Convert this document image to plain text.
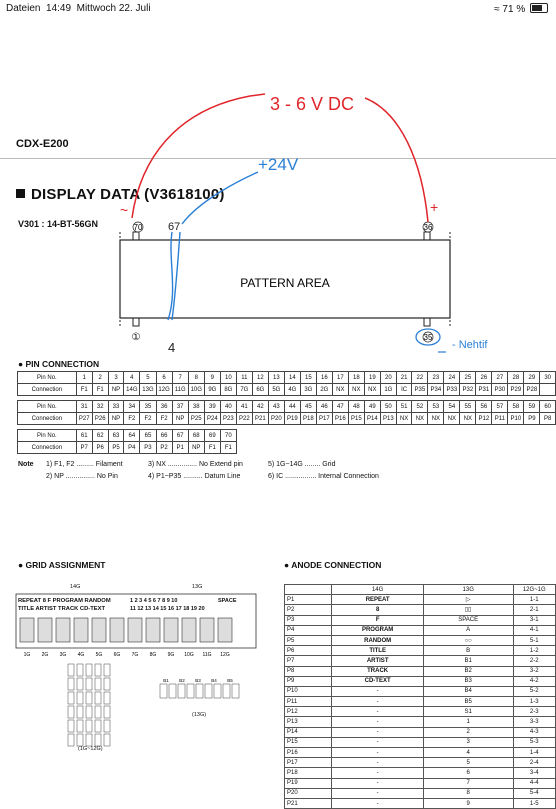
Dateien 14:49 Mittwoch 22. Juli	≈ 71 %
CDX-E200
DISPLAY DATA (V3618100)
V301 : 14-BT-56GN
PATTERN AREA
70	36
①	35
3 - 6 V DC
~	+
+24V
67
4	- Nehtif
● PIN CONNECTION
Pin No.	1	2	3	4	5	6	7	8	9	10	11	12	13	14	15	16	17	18	19	20	21	22	23	24	25	26	27	28	29	30
Connection	F1	F1	NP	14G	13G	12G	11G	10G	9G	8G	7G	6G	5G	4G	3G	2G	NX	NX	NX	1G	IC	P35	P34	P33	P32	P31	P30	P29	P28	

Pin No.	31	32	33	34	35	36	37	38	39	40	41	42	43	44	45	46	47	48	49	50	51	52	53	54	55	56	57	58	59	60
Connection	P27	P26	NP	F2	F2	F2	NP	P25	P24	P23	P22	P21	P20	P19	P18	P17	P16	P15	P14	P13	NX	NX	NX	NX	NX	P12	P11	P10	P9	P8

Pin No.	61	62	63	64	65	66	67	68	69	70																				
Connection	P7	P6	P5	P4	P3	P2	P1	NP	F1	F1																				
Note 1) F1, F2 ......... Filament
2) NP ............... No Pin
3) NX ............... No Extend pin
4) P1~P35 .......... Datum Line
5) 1G~14G ........ Grid
6) IC ................ Internal Connection
● GRID ASSIGNMENT
14G	13G
REPEAT 8 F PROGRAM RANDOM
TITLE ARTIST TRACK CD-TEXT
1 2 3 4 5 6 7 8 9 10
11 12 13 14 15 16 17 18 19 20
SPACE
1G 2G 3G 4G 5G 6G 7G 8G 9G 10G 11G 12G
B1 B2 B3 B4 B5
(1G~12G)
(13G)
● ANODE CONNECTION
	14G	13G	12G~1G
P1	REPEAT	▷	1-1
P2	8	▯▯	2-1
P3	F	SPACE	3-1
P4	PROGRAM	A	4-1
P5	RANDOM	○○	5-1
P6	TITLE	B	1-2
P7	ARTIST	B1	2-2
P8	TRACK	B2	3-2
P9	CD-TEXT	B3	4-2
P10	-	B4	5-2
P11	-	B5	1-3
P12	-	S1	2-3
P13	-	1	3-3
P14	-	2	4-3
P15	-	3	5-3
P16	-	4	1-4
P17	-	5	2-4
P18	-	6	3-4
P19	-	7	4-4
P20	-	8	5-4
P21	-	9	1-5
